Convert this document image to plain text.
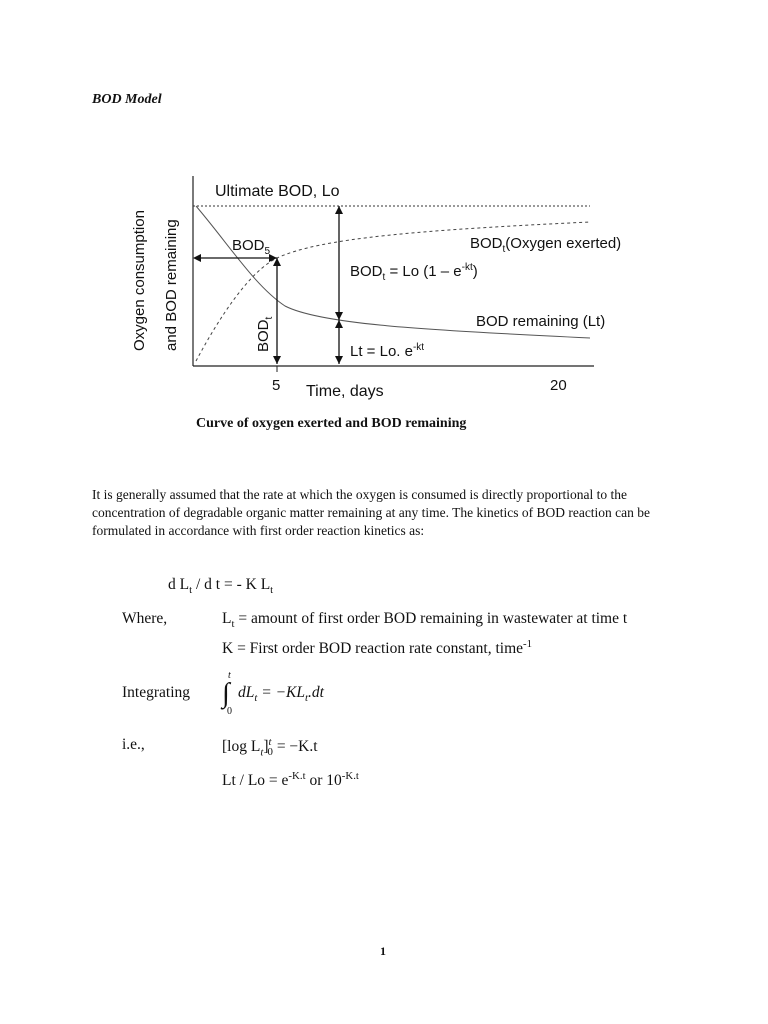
BOD Model
Oxygen consumption and BOD remaining
5	20
Time, days
Ultimate BOD, Lo
$BOD_5$
$BOD_t$
$BOD_t(Oxygen$ exerted)
$BOD_t = Lo$ $(1 - e^{-kt})$
BOD remaining (Lt)
Lt = Lo. $e^{-kt}$
Curve of oxygen exerted and BOD remaining
It is generally assumed that the rate at which the oxygen is consumed is directly proportional to the concentration of degradable organic matter remaining at any time. The kinetics of BOD reaction can be formulated in accordance with first order reaction kinetics as:
d $L_t$ / d t = - K $L_t$
Where,	$L_t$ = amount of first order BOD remaining in wastewater at time t
K = First order BOD reaction rate constant, time$^{-1}$
Integrating
t
∫
0
$dL_t = -KL_t.dt$
i.e.,	[log $L_t]^t_0 = -K.t$
$Lt / Lo = e^{-K.t}$ or $10^{-K.t}$
1
